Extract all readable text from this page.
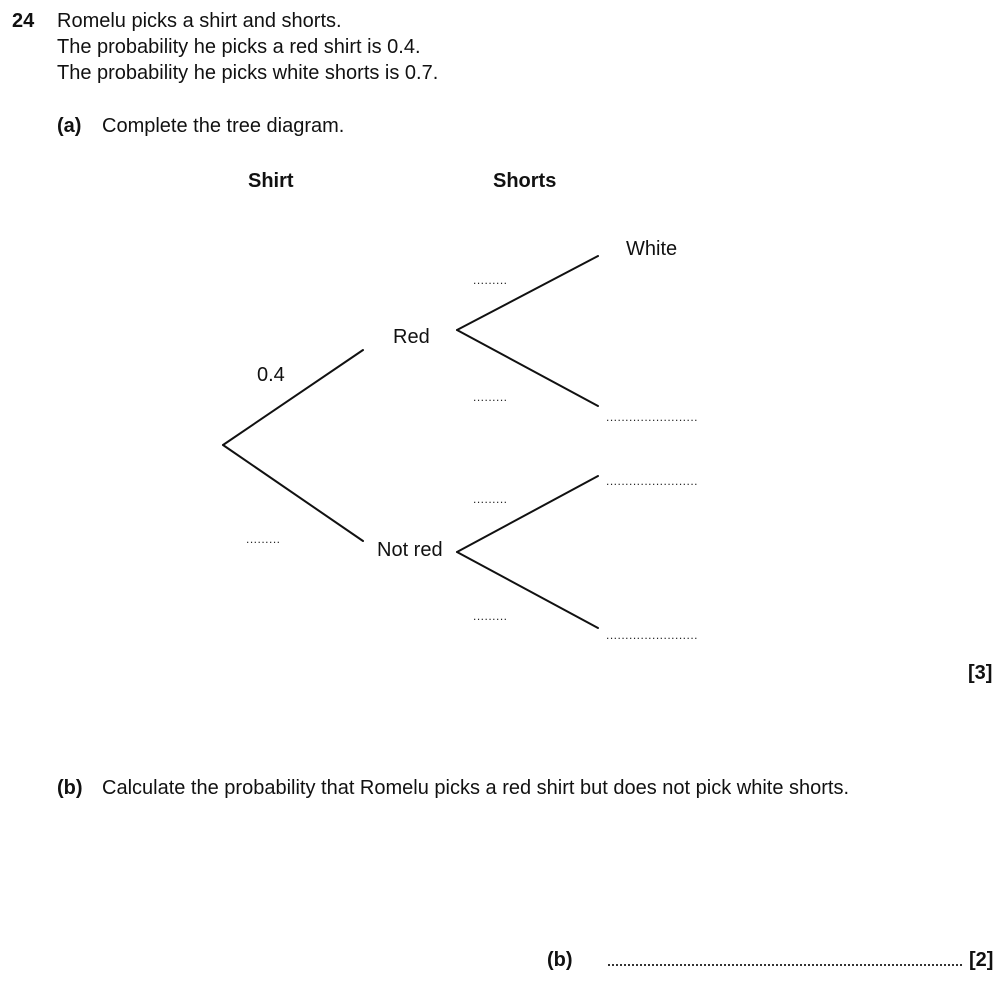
24 Romelu picks a shirt and shorts.
The probability he picks a red shirt is 0.4.
The probability he picks white shorts is 0.7.
(a) Complete the tree diagram.
Shirt	Shorts
0.4
Red
Not red
White
.........
.........
.........
.........
.........
........................
........................
........................
[3]
(b) Calculate the probability that Romelu picks a red shirt but does not pick white shorts.
(b)	[2]
